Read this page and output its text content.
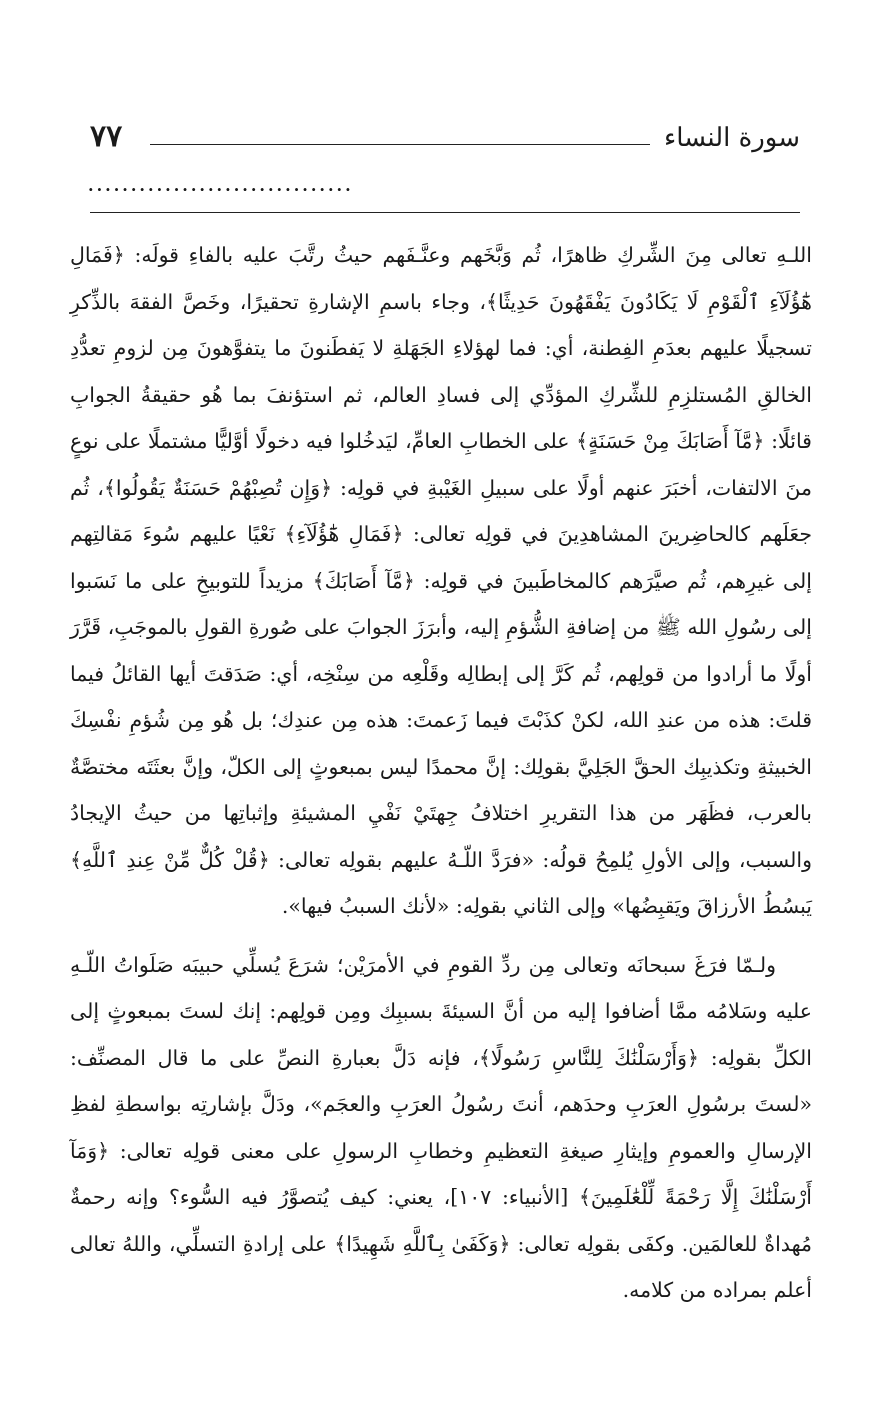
سورة النساء
٧٧
...............................

اللـهِ تعالى مِنَ الشِّركِ ظاهرًا، ثُم وَبَّخَهم وعنَّـفَهم حيثُ رتَّبَ عليه بالفاءِ قولَه: ﴿فَمَالِ هَٰٓؤُلَآءِ ٱلْقَوْمِ لَا يَكَادُونَ يَفْقَهُونَ حَدِيثًا﴾، وجاء باسمِ الإشارةِ تحقيرًا، وخَصَّ الفقهَ بالذِّكرِ تسجيلًا عليهم بعدَمِ الفِطنة، أي: فما لهؤلاءِ الجَهَلةِ لا يَفطَنونَ ما يتفوَّهونَ مِن لزومِ تعدُّدِ الخالقِ المُستلزِمِ للشِّركِ المؤدِّي إلى فسادِ العالم، ثم استؤنفَ بما هُو حقيقةُ الجوابِ قائلًا: ﴿مَّآ أَصَابَكَ مِنْ حَسَنَةٍ﴾ على الخطابِ العامِّ، ليَدخُلوا فيه دخولًا أوَّليًّا مشتملًا على نوعٍ منَ الالتفات، أخبَرَ عنهم أولًا على سبيلِ الغَيْبةِ في قولِه: ﴿وَإِن تُصِبْهُمْ حَسَنَةٌ يَقُولُوا﴾، ثُم جعَلَهم كالحاضِرينَ المشاهدِينَ في قولِه تعالى: ﴿فَمَالِ هَٰٓؤُلَآءِ﴾ نَعْيًا عليهم سُوءَ مَقالتِهم إلى غيرِهم، ثُم صيَّرَهم كالمخاطَبينَ في قولِه: ﴿مَّآ أَصَابَكَ﴾ مزيداً للتوبيخِ على ما نَسَبوا إلى رسُولِ الله ﷺ من إضافةِ الشُّؤمِ إليه، وأبرَزَ الجوابَ على صُورةِ القولِ بالموجَبِ، قَرَّرَ أولًا ما أرادوا من قولِهم، ثُم كَرَّ إلى إبطالِه وقَلْعِه من سِنْخِه، أي: صَدَقتَ أيها القائلُ فيما قلتَ: هذه من عندِ الله، لكنْ كذَبْتَ فيما زَعمتَ: هذه مِن عندِك؛ بل هُو مِن شُؤمِ نفْسِكَ الخبيثةِ وتكذيبِك الحقَّ الجَلِيَّ بقولِك: إنَّ محمدًا ليس بمبعوثٍ إلى الكلّ، وإنَّ بعثَتَه مختصَّةٌ بالعرب، فظَهَر من هذا التقريرِ اختلافُ جِهتَيْ نَفْيِ المشيئةِ وإثباتِها من حيثُ الإيجادُ والسبب، وإلى الأولِ يُلمِحُ قولُه: «فرَدَّ اللّـهُ عليهم بقولِه تعالى: ﴿قُلْ كُلٌّ مِّنْ عِندِ ٱللَّهِ﴾ يَبسُطُ الأرزاقَ ويَقبِضُها» وإلى الثاني بقولِه: «لأنك السببُ فيها».

ولـمّا فرَغَ سبحانَه وتعالى مِن ردِّ القومِ في الأمرَيْن؛ شرَعَ يُسلِّي حبيبَه صَلَواتُ اللّـهِ عليه وسَلامُه ممَّا أضافوا إليه من أنَّ السيئةَ بسببِك ومِن قولِهم: إنك لستَ بمبعوثٍ إلى الكلِّ بقولِه: ﴿وَأَرْسَلْنَٰكَ لِلنَّاسِ رَسُولًا﴾، فإنه دَلَّ بعبارةِ النصِّ على ما قال المصنِّف: «لستَ برسُولِ العرَبِ وحدَهم، أنتَ رسُولُ العرَبِ والعجَم»، ودَلَّ بإشارتِه بواسطةِ لفظِ الإرسالِ والعمومِ وإيثارِ صيغةِ التعظيمِ وخطابِ الرسولِ على معنى قولِه تعالى: ﴿وَمَآ أَرْسَلْنَٰكَ إِلَّا رَحْمَةً لِّلْعَٰلَمِينَ﴾ [الأنبياء: ١٠٧]، يعني: كيف يُتصوَّرُ فيه السُّوء؟ وإنه رحمةٌ مُهداةٌ للعالمَين. وكفَى بقولِه تعالى: ﴿وَكَفَىٰ بِٱللَّهِ شَهِيدًا﴾ على إرادةِ التسلِّي، واللهُ تعالى أعلم بمراده من كلامه.
